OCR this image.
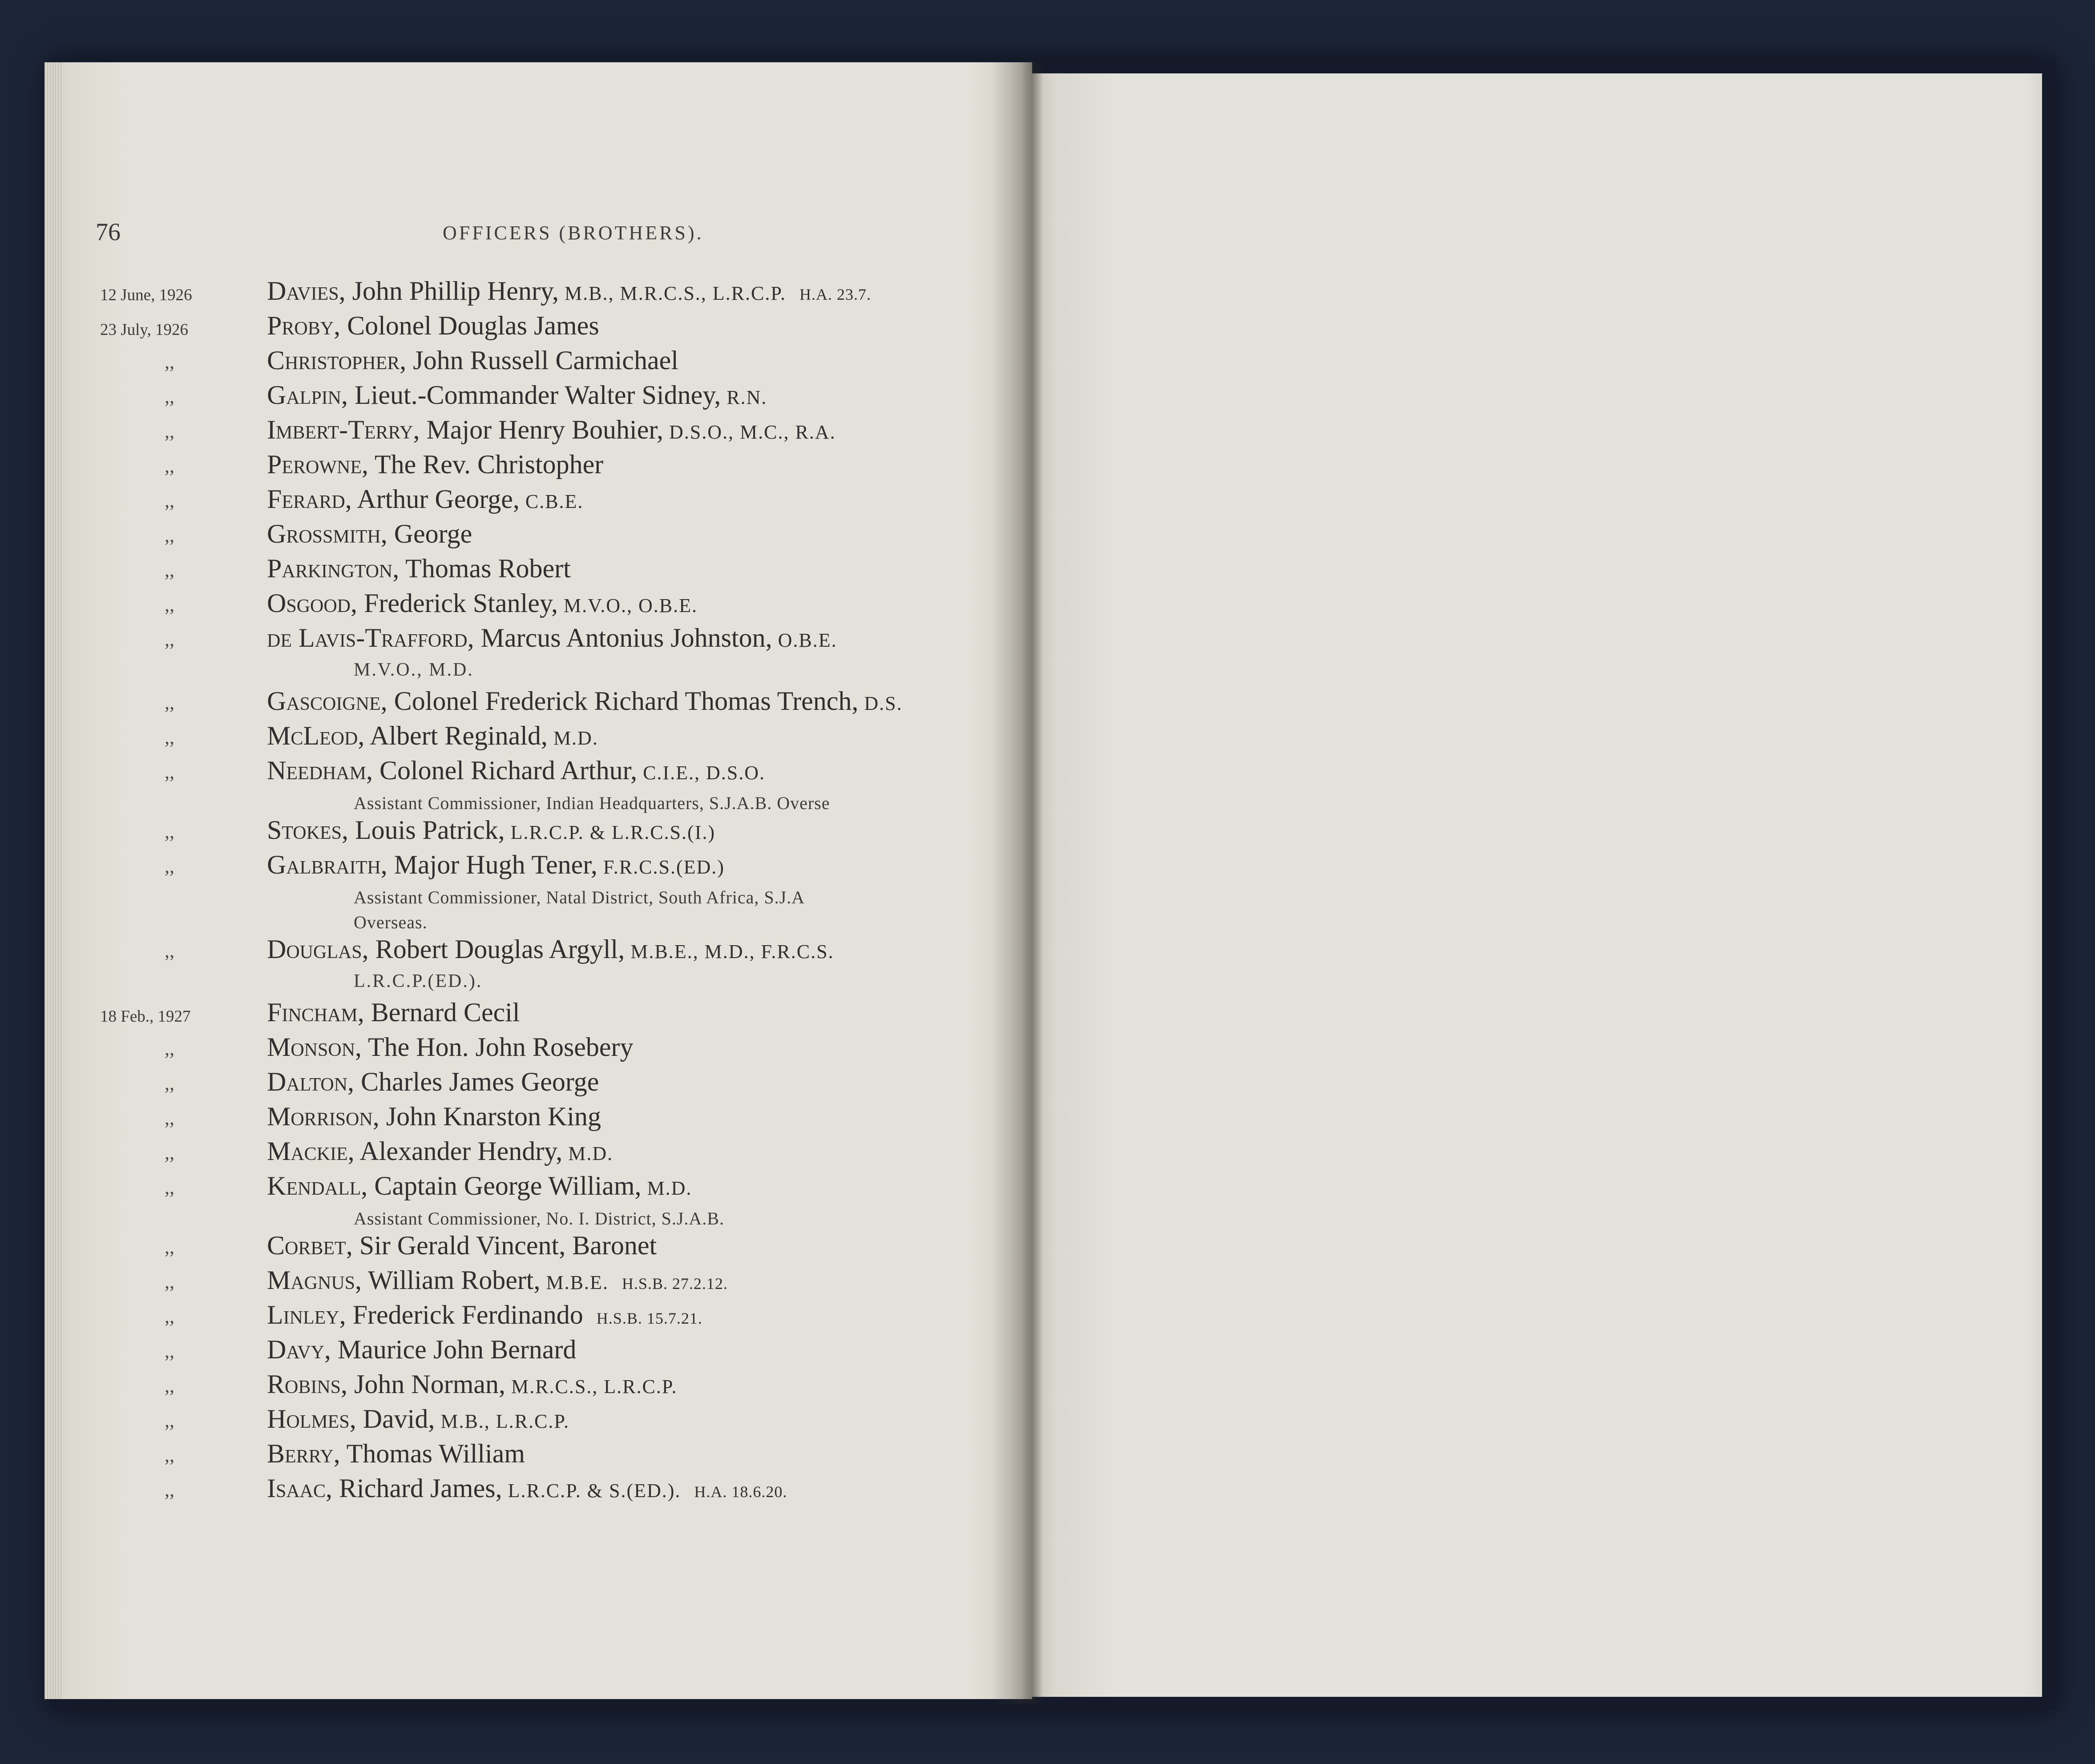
76	OFFICERS (BROTHERS).
12 June, 1926	Davies, John Phillip Henry, M.B., M.R.C.S., L.R.C.P. H.A. 23.7.
23 July, 1926	Proby, Colonel Douglas James
,,	Christopher, John Russell Carmichael
,,	Galpin, Lieut.-Commander Walter Sidney, R.N.
,,	Imbert-Terry, Major Henry Bouhier, D.S.O., M.C., R.A.
,,	Perowne, The Rev. Christopher
,,	Ferard, Arthur George, C.B.E.
,,	Grossmith, George
,,	Parkington, Thomas Robert
,,	Osgood, Frederick Stanley, M.V.O., O.B.E.
,,	de Lavis-Trafford, Marcus Antonius Johnston, O.B.E.
M.V.O., M.D.
,,	Gascoigne, Colonel Frederick Richard Thomas Trench, D.S.
,,	McLeod, Albert Reginald, M.D.
,,	Needham, Colonel Richard Arthur, C.I.E., D.S.O.
Assistant Commissioner, Indian Headquarters, S.J.A.B. Overse
,,	Stokes, Louis Patrick, L.R.C.P. & L.R.C.S.(I.)
,,	Galbraith, Major Hugh Tener, F.R.C.S.(ED.)
Assistant Commissioner, Natal District, South Africa, S.J.A
Overseas.
,,	Douglas, Robert Douglas Argyll, M.B.E., M.D., F.R.C.S.
L.R.C.P.(ED.).
18 Feb., 1927	Fincham, Bernard Cecil
,,	Monson, The Hon. John Rosebery
,,	Dalton, Charles James George
,,	Morrison, John Knarston King
,,	Mackie, Alexander Hendry, M.D.
,,	Kendall, Captain George William, M.D.
Assistant Commissioner, No. I. District, S.J.A.B.
,,	Corbet, Sir Gerald Vincent, Baronet
,,	Magnus, William Robert, M.B.E. H.S.B. 27.2.12.
,,	Linley, Frederick Ferdinando H.S.B. 15.7.21.
,,	Davy, Maurice John Bernard
,,	Robins, John Norman, M.R.C.S., L.R.C.P.
,,	Holmes, David, M.B., L.R.C.P.
,,	Berry, Thomas William
,,	Isaac, Richard James, L.R.C.P. & S.(ED.). H.A. 18.6.20.
